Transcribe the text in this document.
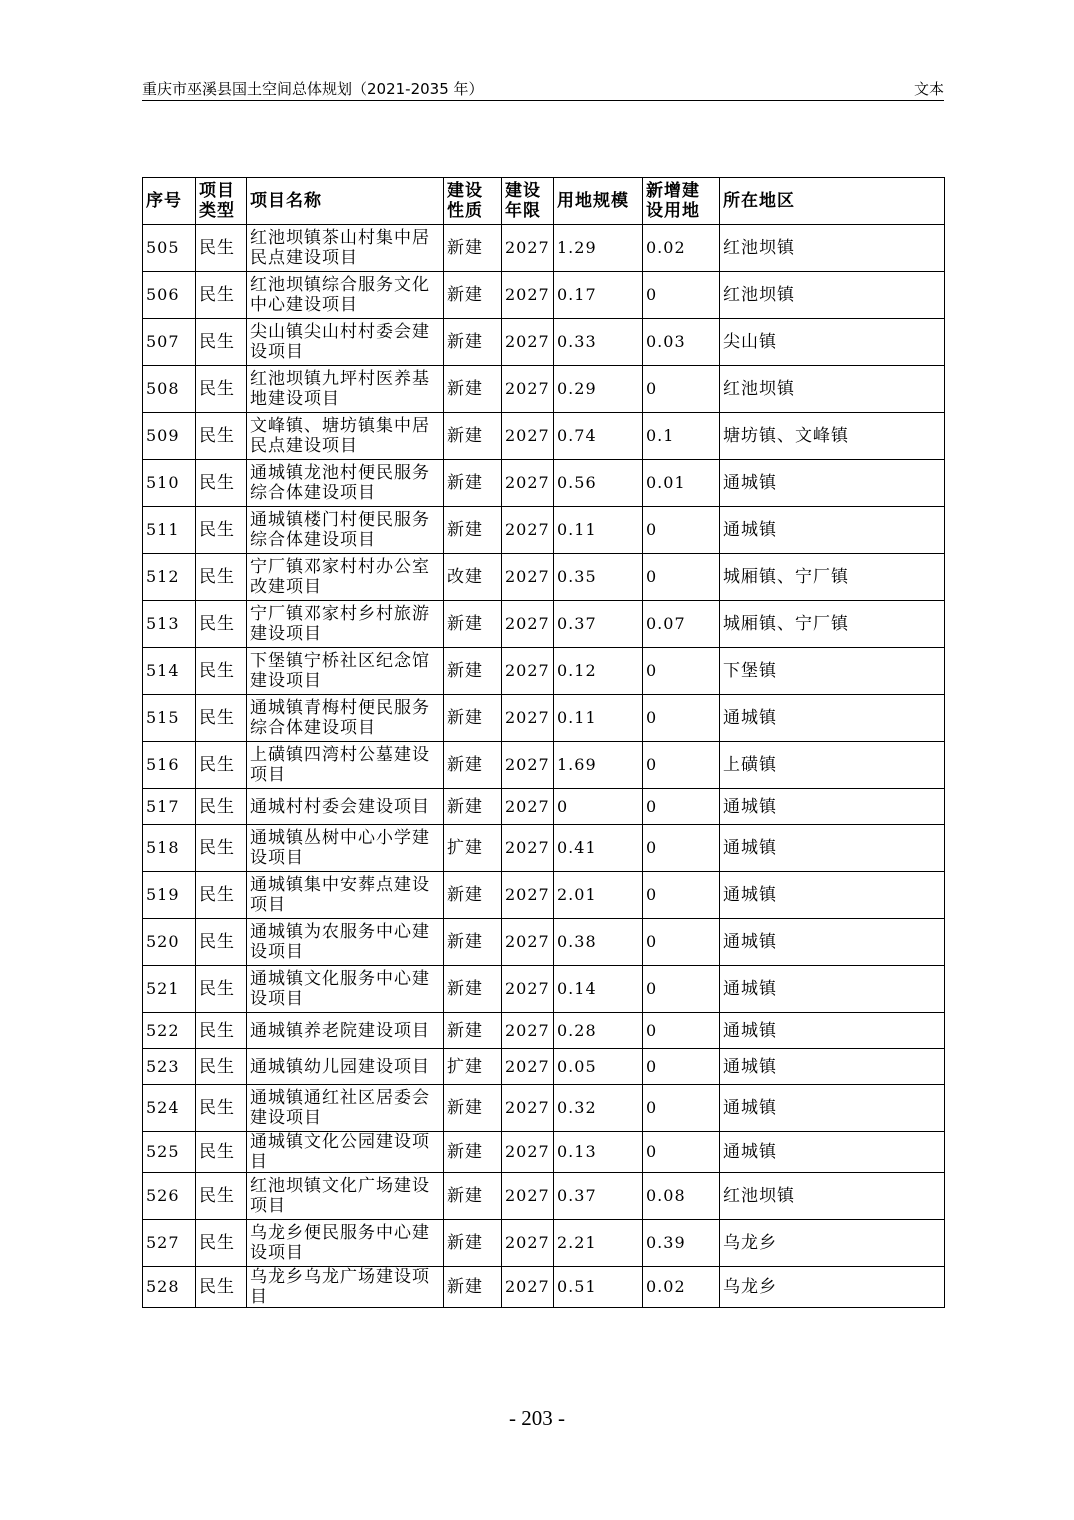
重庆市巫溪县国土空间总体规划（2021-2035 年）	文本
序号	项目类型	项目名称	建设性质	建设年限	用地规模	新增建设用地	所在地区
505	民生	红池坝镇茶山村集中居民点建设项目	新建	2027	1.29	0.02	红池坝镇
506	民生	红池坝镇综合服务文化中心建设项目	新建	2027	0.17	0	红池坝镇
507	民生	尖山镇尖山村村委会建设项目	新建	2027	0.33	0.03	尖山镇
508	民生	红池坝镇九坪村医养基地建设项目	新建	2027	0.29	0	红池坝镇
509	民生	文峰镇、塘坊镇集中居民点建设项目	新建	2027	0.74	0.1	塘坊镇、文峰镇
510	民生	通城镇龙池村便民服务综合体建设项目	新建	2027	0.56	0.01	通城镇
511	民生	通城镇楼门村便民服务综合体建设项目	新建	2027	0.11	0	通城镇
512	民生	宁厂镇邓家村村办公室改建项目	改建	2027	0.35	0	城厢镇、宁厂镇
513	民生	宁厂镇邓家村乡村旅游建设项目	新建	2027	0.37	0.07	城厢镇、宁厂镇
514	民生	下堡镇宁桥社区纪念馆建设项目	新建	2027	0.12	0	下堡镇
515	民生	通城镇青梅村便民服务综合体建设项目	新建	2027	0.11	0	通城镇
516	民生	上磺镇四湾村公墓建设项目	新建	2027	1.69	0	上磺镇
517	民生	通城村村委会建设项目	新建	2027	0	0	通城镇
518	民生	通城镇丛树中心小学建设项目	扩建	2027	0.41	0	通城镇
519	民生	通城镇集中安葬点建设项目	新建	2027	2.01	0	通城镇
520	民生	通城镇为农服务中心建设项目	新建	2027	0.38	0	通城镇
521	民生	通城镇文化服务中心建设项目	新建	2027	0.14	0	通城镇
522	民生	通城镇养老院建设项目	新建	2027	0.28	0	通城镇
523	民生	通城镇幼儿园建设项目	扩建	2027	0.05	0	通城镇
524	民生	通城镇通红社区居委会建设项目	新建	2027	0.32	0	通城镇
525	民生	通城镇文化公园建设项目	新建	2027	0.13	0	通城镇
526	民生	红池坝镇文化广场建设项目	新建	2027	0.37	0.08	红池坝镇
527	民生	乌龙乡便民服务中心建设项目	新建	2027	2.21	0.39	乌龙乡
528	民生	乌龙乡乌龙广场建设项目	新建	2027	0.51	0.02	乌龙乡
- 203 -
